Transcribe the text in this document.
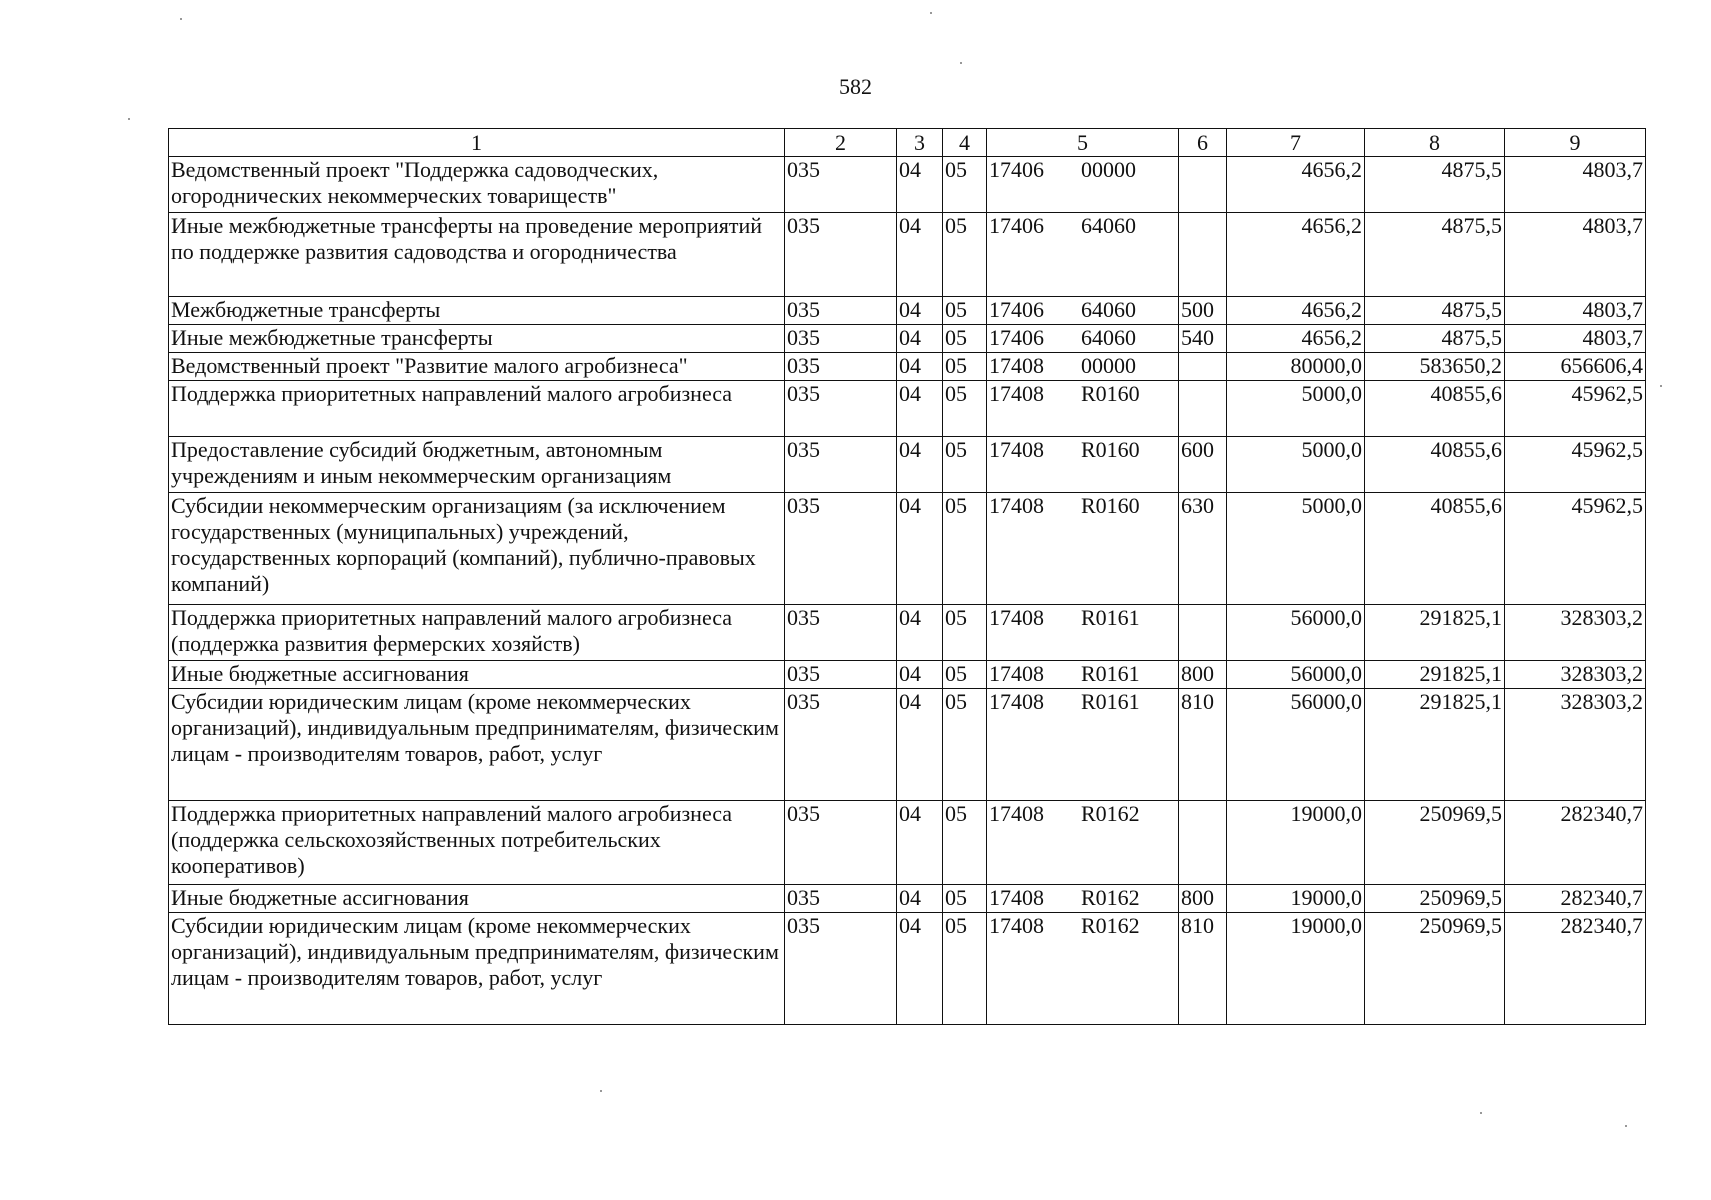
582
1	2	3	4	5	6	7	8	9
Ведомственный проект "Поддержка садоводческих, огороднических некоммерческих товариществ"	035	04	05	17406 00000		4656,2	4875,5	4803,7
Иные межбюджетные трансферты на проведение мероприятий по поддержке развития садоводства и огородничества	035	04	05	17406 64060		4656,2	4875,5	4803,7
Межбюджетные трансферты	035	04	05	17406 64060	500	4656,2	4875,5	4803,7
Иные межбюджетные трансферты	035	04	05	17406 64060	540	4656,2	4875,5	4803,7
Ведомственный проект "Развитие малого агробизнеса"	035	04	05	17408 00000		80000,0	583650,2	656606,4
Поддержка приоритетных направлений малого агробизнеса	035	04	05	17408 R0160		5000,0	40855,6	45962,5
Предоставление субсидий бюджетным, автономным учреждениям и иным некоммерческим организациям	035	04	05	17408 R0160	600	5000,0	40855,6	45962,5
Субсидии некоммерческим организациям (за исключением государственных (муниципальных) учреждений, государственных корпораций (компаний), публично-правовых компаний)	035	04	05	17408 R0160	630	5000,0	40855,6	45962,5
Поддержка приоритетных направлений малого агробизнеса (поддержка развития фермерских хозяйств)	035	04	05	17408 R0161		56000,0	291825,1	328303,2
Иные бюджетные ассигнования	035	04	05	17408 R0161	800	56000,0	291825,1	328303,2
Субсидии юридическим лицам (кроме некоммерческих организаций), индивидуальным предпринимателям, физическим лицам - производителям товаров, работ, услуг	035	04	05	17408 R0161	810	56000,0	291825,1	328303,2
Поддержка приоритетных направлений малого агробизнеса (поддержка сельскохозяйственных потребительских кооперативов)	035	04	05	17408 R0162		19000,0	250969,5	282340,7
Иные бюджетные ассигнования	035	04	05	17408 R0162	800	19000,0	250969,5	282340,7
Субсидии юридическим лицам (кроме некоммерческих организаций), индивидуальным предпринимателям, физическим лицам - производителям товаров, работ, услуг	035	04	05	17408 R0162	810	19000,0	250969,5	282340,7
